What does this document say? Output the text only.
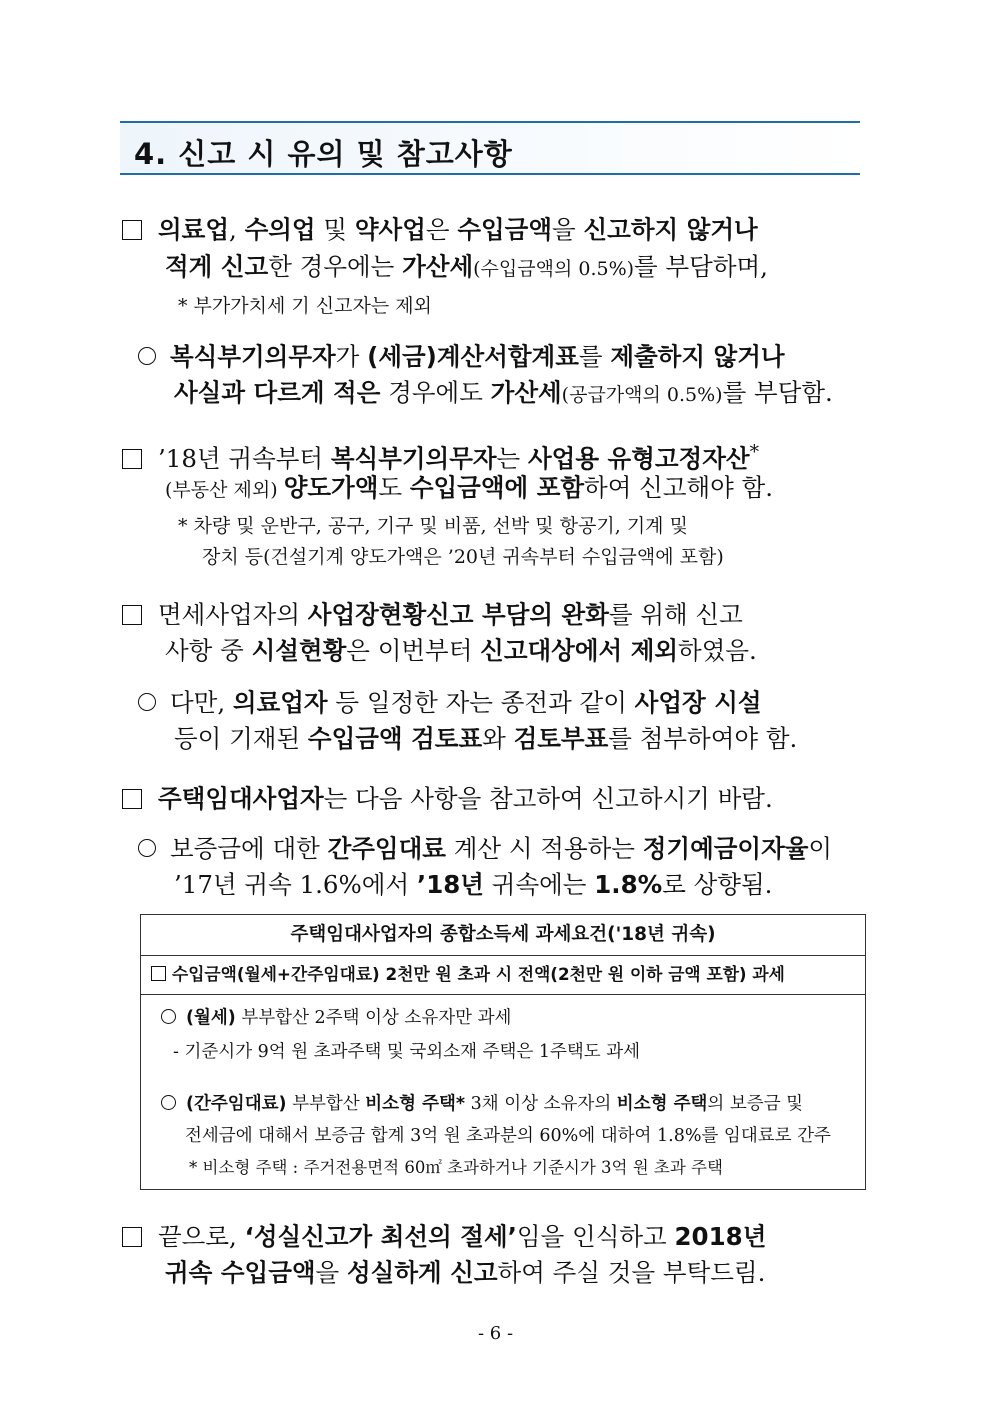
4. 신고 시 유의 및 참고사항
의료업, 수의업 및 약사업은 수입금액을 신고하지 않거나
적게 신고한 경우에는 가산세(수입금액의 0.5%)를 부담하며,
* 부가가치세 기 신고자는 제외
복식부기의무자가 (세금)계산서합계표를 제출하지 않거나
사실과 다르게 적은 경우에도 가산세(공급가액의 0.5%)를 부담함.
’18년 귀속부터 복식부기의무자는 사업용 유형고정자산*
(부동산 제외) 양도가액도 수입금액에 포함하여 신고해야 함.
* 차량 및 운반구, 공구, 기구 및 비품, 선박 및 항공기, 기계 및
장치 등(건설기계 양도가액은 ’20년 귀속부터 수입금액에 포함)
면세사업자의 사업장현황신고 부담의 완화를 위해 신고
사항 중 시설현황은 이번부터 신고대상에서 제외하였음.
다만, 의료업자 등 일정한 자는 종전과 같이 사업장 시설
등이 기재된 수입금액 검토표와 검토부표를 첨부하여야 함.
주택임대사업자는 다음 사항을 참고하여 신고하시기 바람.
보증금에 대한 간주임대료 계산 시 적용하는 정기예금이자율이
’17년 귀속 1.6%에서 ’18년 귀속에는 1.8%로 상향됨.
주택임대사업자의 종합소득세 과세요건('18년 귀속)
수입금액(월세+간주임대료) 2천만 원 초과 시 전액(2천만 원 이하 금액 포함) 과세
(월세) 부부합산 2주택 이상 소유자만 과세
- 기준시가 9억 원 초과주택 및 국외소재 주택은 1주택도 과세
(간주임대료) 부부합산 비소형 주택* 3채 이상 소유자의 비소형 주택의 보증금 및
전세금에 대해서 보증금 합계 3억 원 초과분의 60%에 대하여 1.8%를 임대료로 간주
* 비소형 주택 : 주거전용면적 60㎡ 초과하거나 기준시가 3억 원 초과 주택
끝으로, ‘성실신고가 최선의 절세’임을 인식하고 2018년
귀속 수입금액을 성실하게 신고하여 주실 것을 부탁드림.
- 6 -
